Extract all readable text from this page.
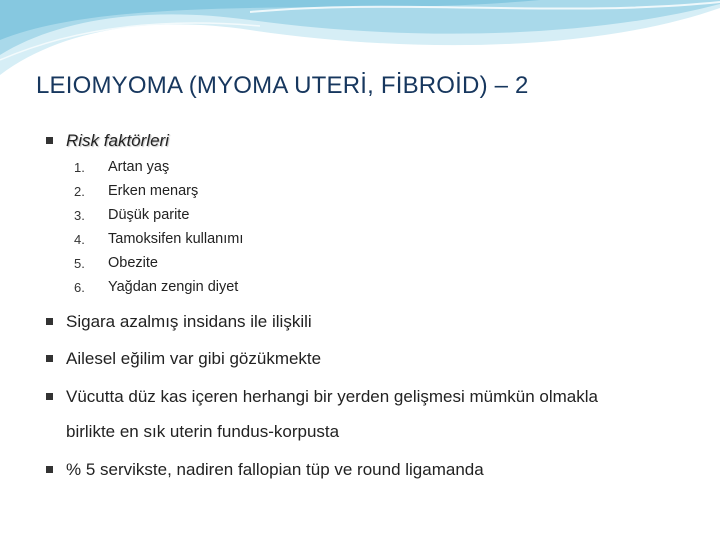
LEIOMYOMA (MYOMA UTERİ, FİBROİD) – 2
Risk faktörleri
1. Artan yaş
2. Erken menarş
3. Düşük parite
4. Tamoksifen kullanımı
5. Obezite
6. Yağdan zengin diyet
Sigara azalmış insidans ile ilişkili
Ailesel eğilim var gibi gözükmekte
Vücutta düz kas içeren herhangi bir yerden gelişmesi mümkün olmakla
birlikte en sık uterin fundus-korpusta
% 5 servikste, nadiren fallopian tüp ve round ligamanda
